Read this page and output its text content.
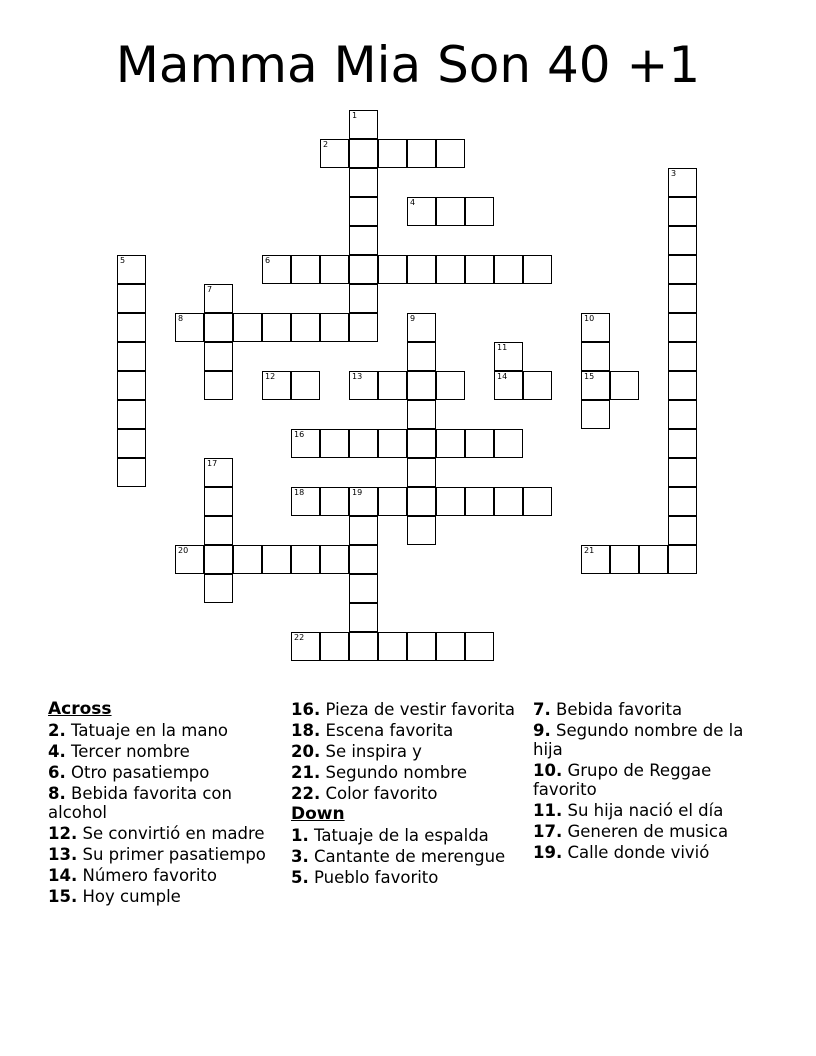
Mamma Mia Son 40 +1
1
2
3
4
5	6
7
8	9	10
15
11
14
12	13
16
17
18	19
20	21
22
Across
2. Tatuaje en la mano
4. Tercer nombre
6. Otro pasatiempo
8. Bebida favorita con alcohol
12. Se convirtió en madre
13. Su primer pasatiempo
14. Número favorito
15. Hoy cumple
16. Pieza de vestir favorita
18. Escena favorita
20. Se inspira y
21. Segundo nombre
22. Color favorito
Down
1. Tatuaje de la espalda
3. Cantante de merengue
5. Pueblo favorito
7. Bebida favorita
9. Segundo nombre de la hija
10. Grupo de Reggae favorito
11. Su hija nació el día
17. Generen de musica
19. Calle donde vivió
